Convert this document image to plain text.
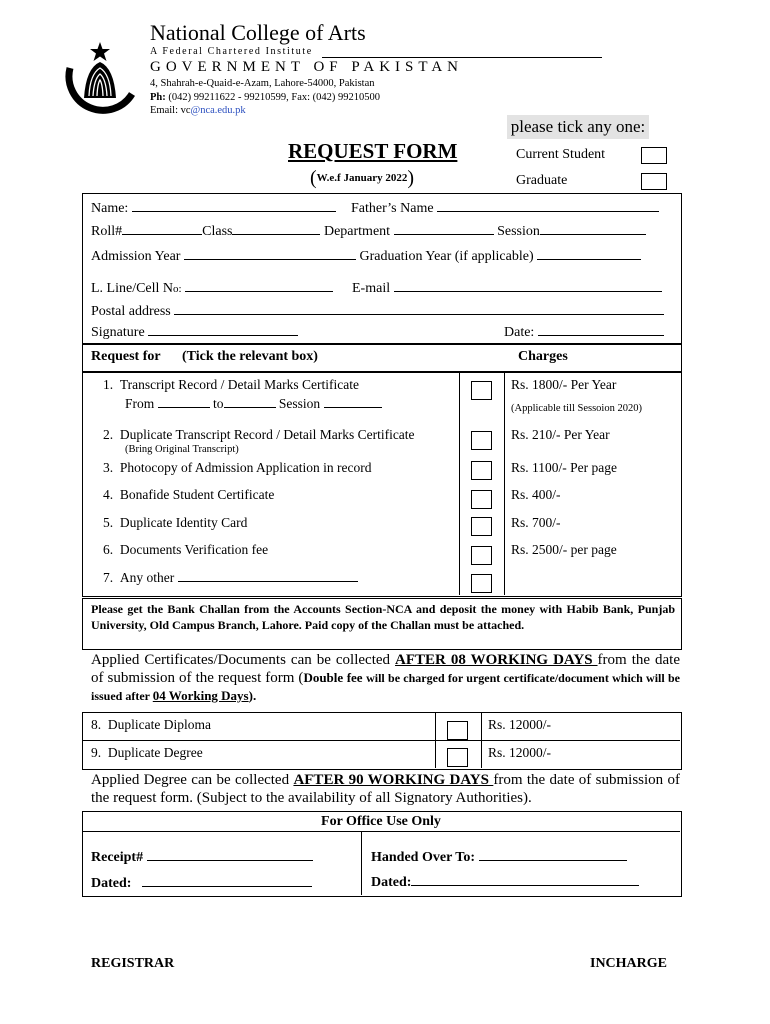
National College of Arts
A Federal Chartered Institute
GOVERNMENT OF PAKISTAN
4, Shahrah-e-Quaid-e-Azam, Lahore-54000, Pakistan
Ph: (042) 99211622 - 99210599, Fax: (042) 99210500
Email: vc@nca.edu.pk
please tick any one:
REQUEST FORM
(W.e.f January 2022)
Current Student
Graduate
Name:	Father’s Name
Roll#	Class	Department	Session
Admission Year	Graduation Year (if applicable)
L. Line/Cell No:	E-mail
Postal address
Signature	Date:
Request for (Tick the relevant box)	Charges
1. Transcript Record / Detail Marks Certificate
From	to	Session
Rs. 1800/- Per Year
(Applicable till Sessoion 2020)
2. Duplicate Transcript Record / Detail Marks Certificate
(Bring Original Transcript)
Rs. 210/- Per Year
3. Photocopy of Admission Application in record	Rs. 1100/- Per page
4. Bonafide Student Certificate	Rs. 400/-
5. Duplicate Identity Card	Rs. 700/-
6. Documents Verification fee	Rs. 2500/- per page
7. Any other
Please get the Bank Challan from the Accounts Section-NCA and deposit the money with Habib Bank, Punjab University, Old Campus Branch, Lahore. Paid copy of the Challan must be attached.
Applied Certificates/Documents can be collected AFTER 08 WORKING DAYS from the date of submission of the request form (Double fee will be charged for urgent certificate/document which will be issued after 04 Working Days).
8. Duplicate Diploma	Rs. 12000/-
9. Duplicate Degree	Rs. 12000/-
Applied Degree can be collected AFTER 90 WORKING DAYS from the date of submission of the request form. (Subject to the availability of all Signatory Authorities).
For Office Use Only
Receipt#
Dated:
Handed Over To:
Dated:
REGISTRAR	INCHARGE
